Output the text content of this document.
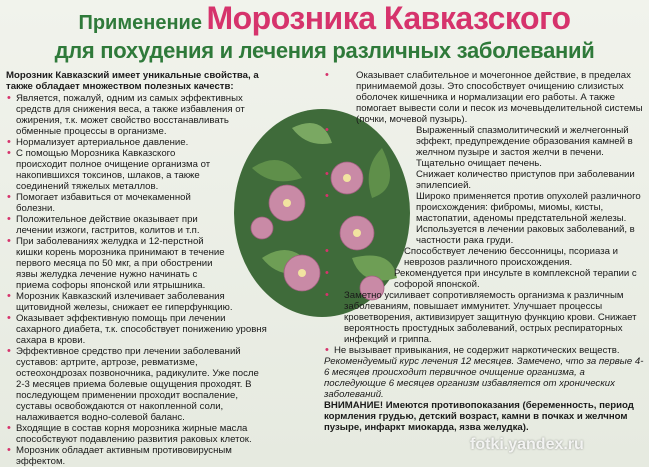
Применение Морозника Кавказского
для похудения и лечения различных заболеваний
Морозник Кавказский имеет уникальные свойства, а также обладает множеством полезных качеств:
• Является, пожалуй, одним из самых эффективных средств для снижения веса, а также избавления от ожирения, т.к. может свойство восстанавливать обменные процессы в организме.
• Нормализует артериальное давление.
• С помощью Морозника Кавказского происходит полное очищение организма от накопившихся токсинов, шлаков, а также соединений тяжелых металлов.
• Помогает избавиться от мочекаменной болезни.
• Положительное действие оказывает при лечении изжоги, гастритов, колитов и т.п.
• При заболеваниях желудка и 12-перстной кишки корень морозника принимают в течение первого месяца по 50 мкг, а при обострении язвы желудка лечение нужно начинать с приема софоры японской или ятрышника.
• Морозник Кавказский излечивает заболевания щитовидной железы, снижает ее гиперфункцию.
• Оказывает эффективную помощь при лечении сахарного диабета, т.к. способствует понижению уровня сахара в крови.
• Эффективное средство при лечении заболеваний суставов: артрите, артрозе, ревматизме, остеохондрозах позвоночника, радикулите. Уже после 2-3 месяцев приема болевые ощущения проходят. В последующем применении проходит воспаление, суставы освобождаются от накопленной соли, налаживается водно-солевой баланс.
• Входящие в состав корня морозника жирные масла способствуют подавлению развития раковых клеток.
• Морозник обладает активным противовирусным эффектом.
• Оказывает слабительное и мочегонное действие, в пределах принимаемой дозы. Это способствует очищению слизистых оболочек кишечника и нормализации его работы. А также помогает вывести соли и песок из мочевыделительной системы (почки, мочевой пузырь).
• Выраженный спазмолитический и желчегонный эффект, предупреждение образования камней в желчном пузыре и застоя желчи в печени. Тщательно очищает печень.
• Снижает количество приступов при заболевании эпилепсией.
• Широко применяется против опухолей различного происхождения: фибромы, миомы, кисты, мастопатии, аденомы предстательной железы. Используется в лечении раковых заболеваний, в частности рака груди.
• Способствует лечению бессонницы, псориаза и неврозов различного происхождения.
• Рекомендуется при инсульте в комплексной терапии с софорой японской.
• Заметно усиливает сопротивляемость организма к различным заболеваниям, повышает иммунитет. Улучшает процессы кроветворения, активизирует защитную функцию крови. Снижает вероятность простудных заболеваний, острых респираторных инфекций и гриппа.
• Не вызывает привыкания, не содержит наркотических веществ.
Рекомендуемый курс лечения 12 месяцев. Замечено, что за первые 4-6 месяцев происходит первичное очищение организма, а последующие 6 месяцев организм избавляется от хронических заболеваний.
ВНИМАНИЕ! Имеются противопоказания (беременность, период кормления грудью, детский возраст, камни в почках и желчном пузыре, инфаркт миокарда, язва желудка).
fotki.yandex.ru
